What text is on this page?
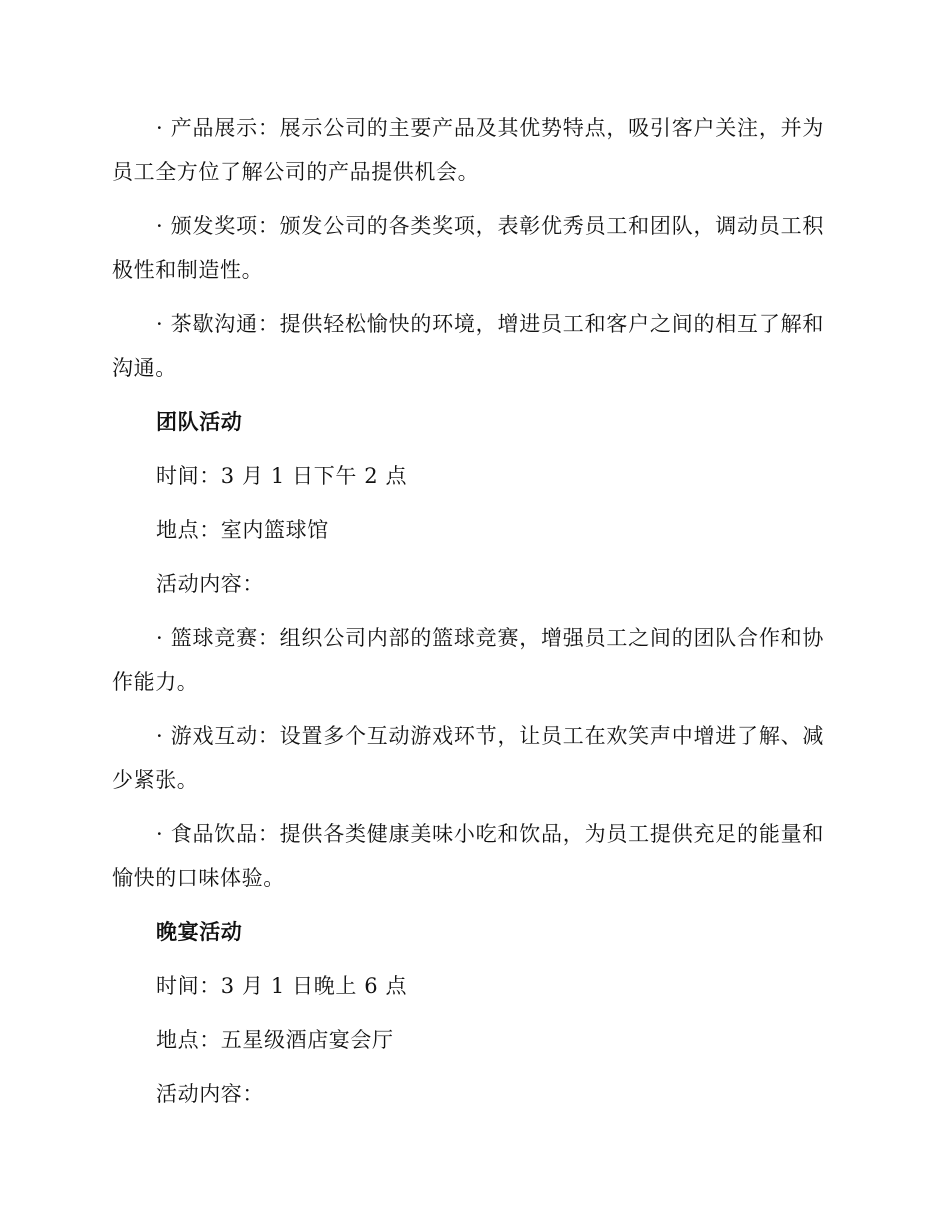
· 产品展示：展示公司的主要产品及其优势特点，吸引客户关注，并为员工全方位了解公司的产品提供机会。

· 颁发奖项：颁发公司的各类奖项，表彰优秀员工和团队，调动员工积极性和制造性。

· 茶歇沟通：提供轻松愉快的环境，增进员工和客户之间的相互了解和沟通。

团队活动

时间：3 月 1 日下午 2 点

地点：室内篮球馆

活动内容：

· 篮球竞赛：组织公司内部的篮球竞赛，增强员工之间的团队合作和协作能力。

· 游戏互动：设置多个互动游戏环节，让员工在欢笑声中增进了解、减少紧张。

· 食品饮品：提供各类健康美味小吃和饮品，为员工提供充足的能量和愉快的口味体验。

晚宴活动

时间：3 月 1 日晚上 6 点

地点：五星级酒店宴会厅

活动内容：
